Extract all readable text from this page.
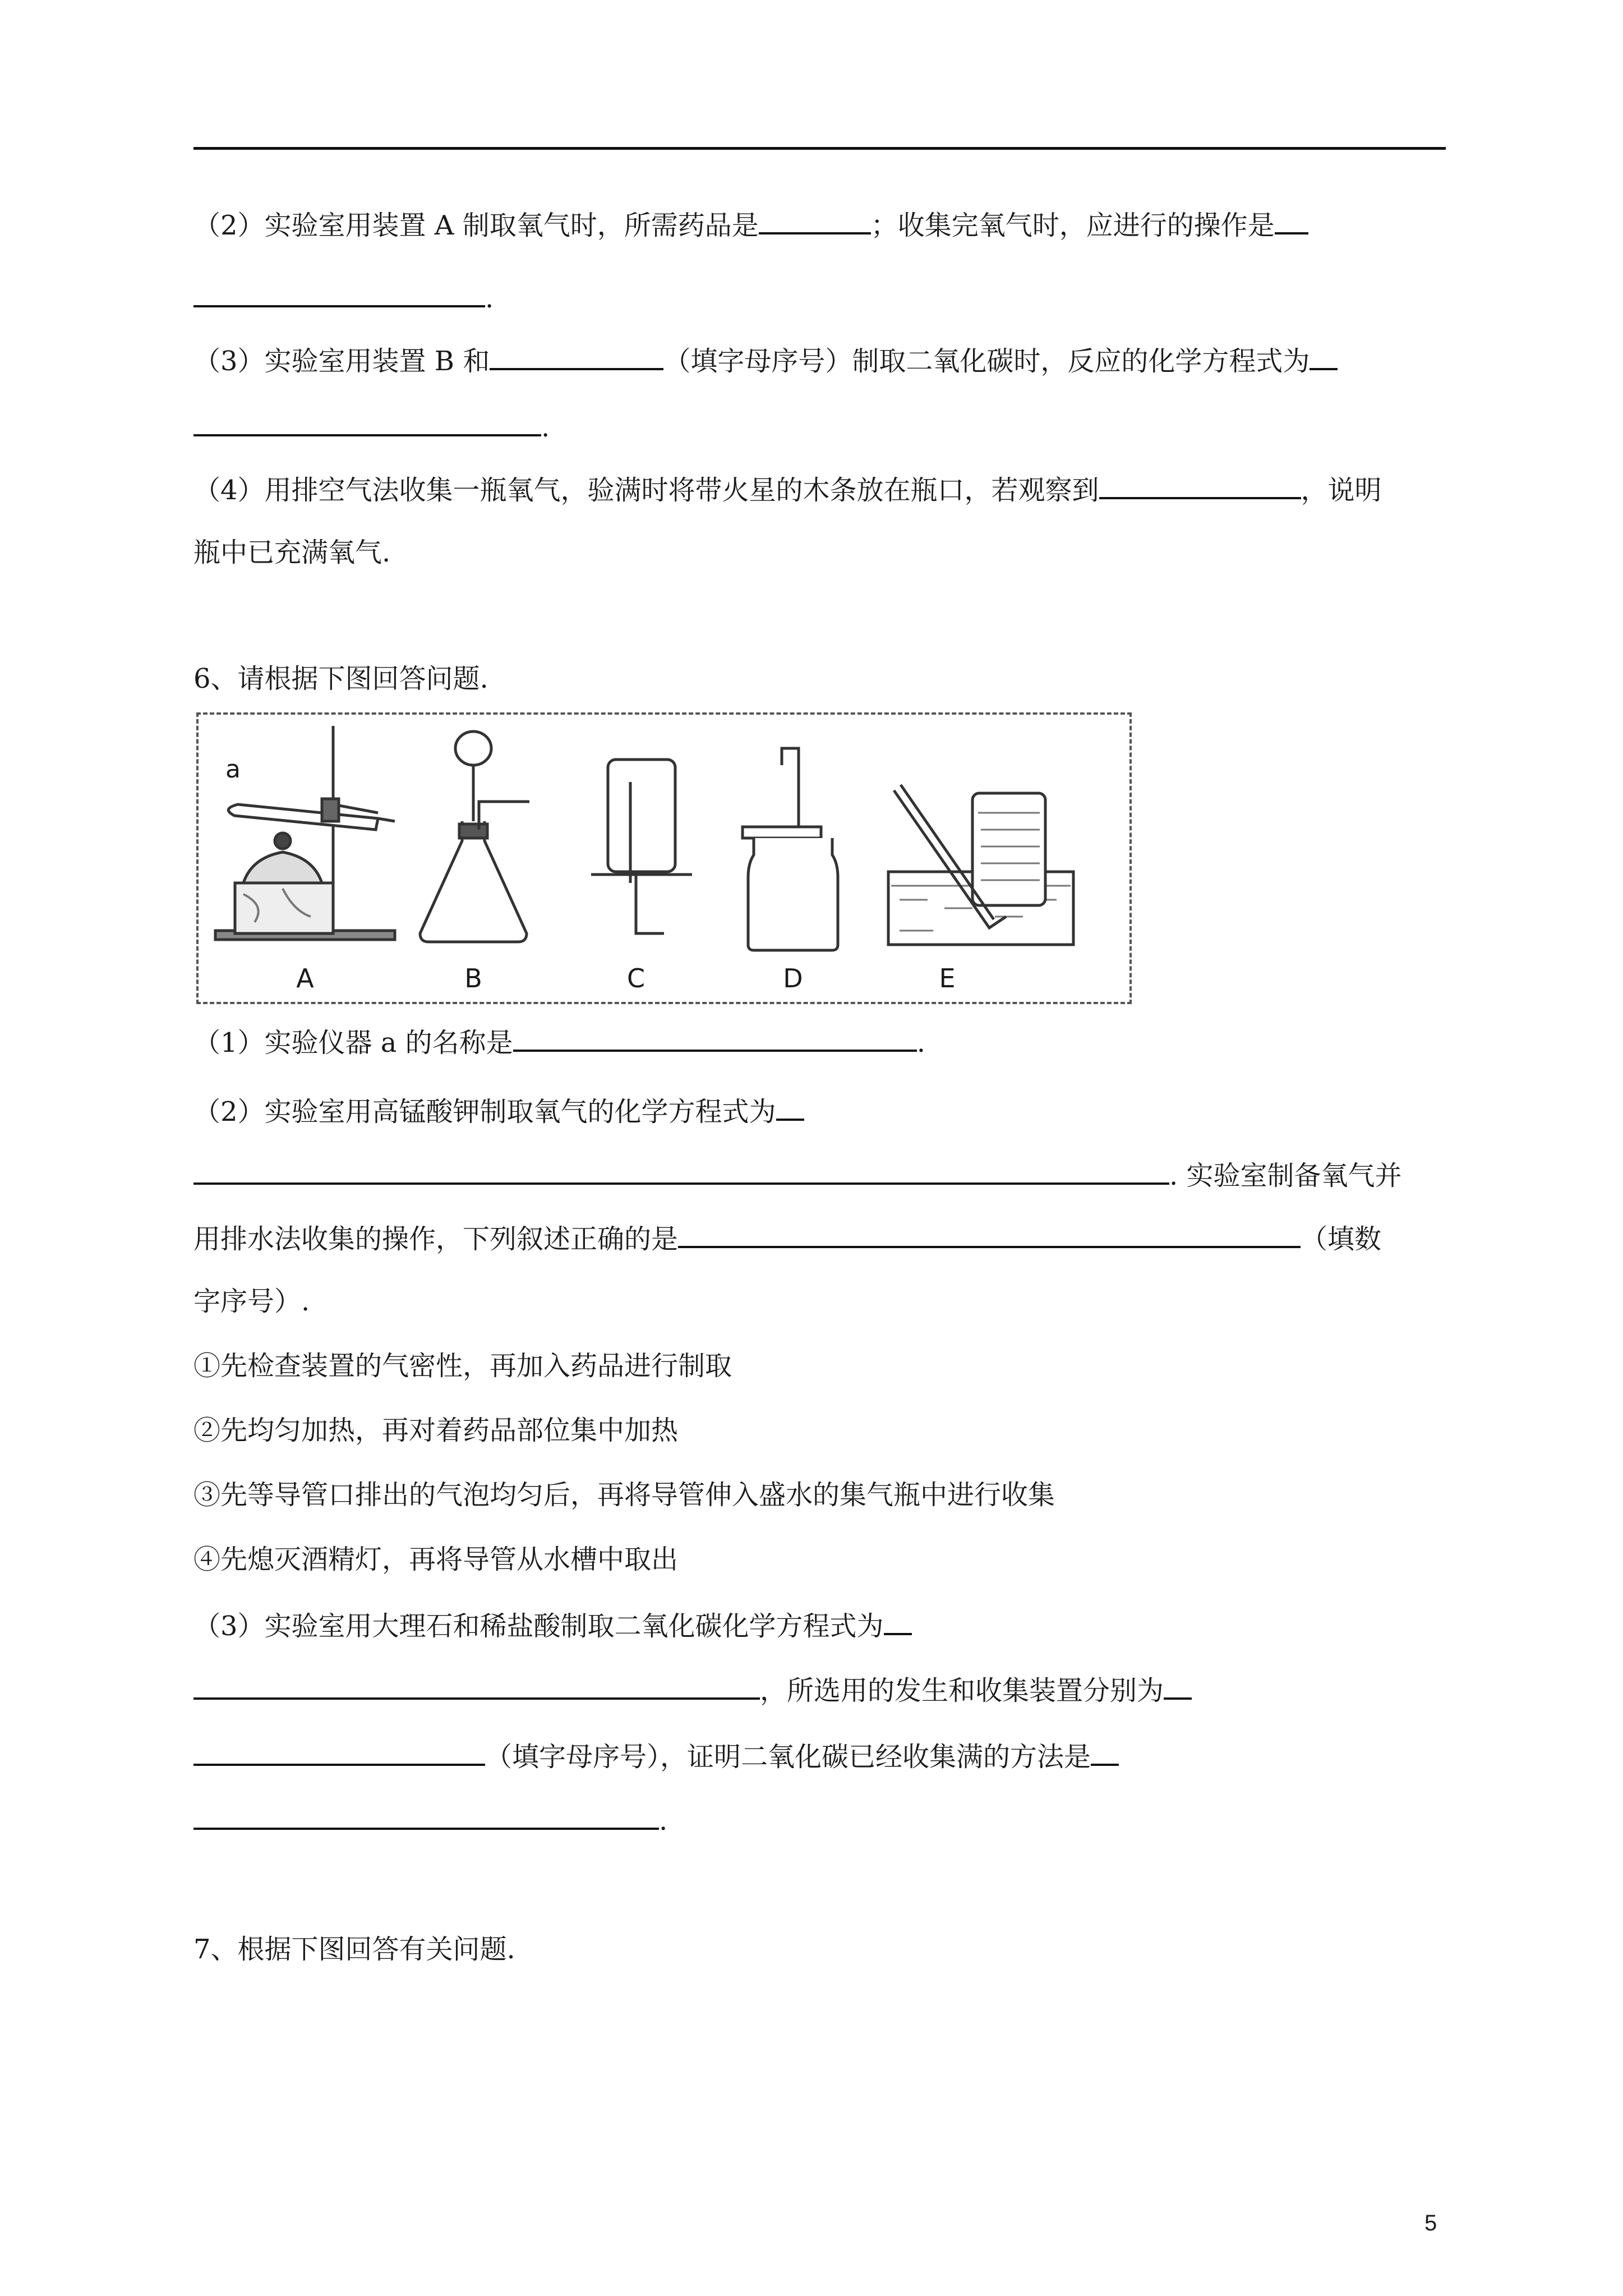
（2）实验室用装置 A 制取氧气时，所需药品是	；收集完氧气时，应进行的操作是
.
（3）实验室用装置 B 和	（填字母序号）制取二氧化碳时，反应的化学方程式为
.
（4）用排空气法收集一瓶氧气，验满时将带火星的木条放在瓶口，若观察到	，说明
瓶中已充满氧气.
6、请根据下图回答问题.
a
A	B	C	D	E
（1）实验仪器 a 的名称是	.
（2）实验室用高锰酸钾制取氧气的化学方程式为
. 实验室制备氧气并
用排水法收集的操作，下列叙述正确的是	（填数
字序号）.
①先检查装置的气密性，再加入药品进行制取
②先均匀加热，再对着药品部位集中加热
③先等导管口排出的气泡均匀后，再将导管伸入盛水的集气瓶中进行收集
④先熄灭酒精灯，再将导管从水槽中取出
（3）实验室用大理石和稀盐酸制取二氧化碳化学方程式为
，所选用的发生和收集装置分别为
（填字母序号），证明二氧化碳已经收集满的方法是
.
7、根据下图回答有关问题.
5
